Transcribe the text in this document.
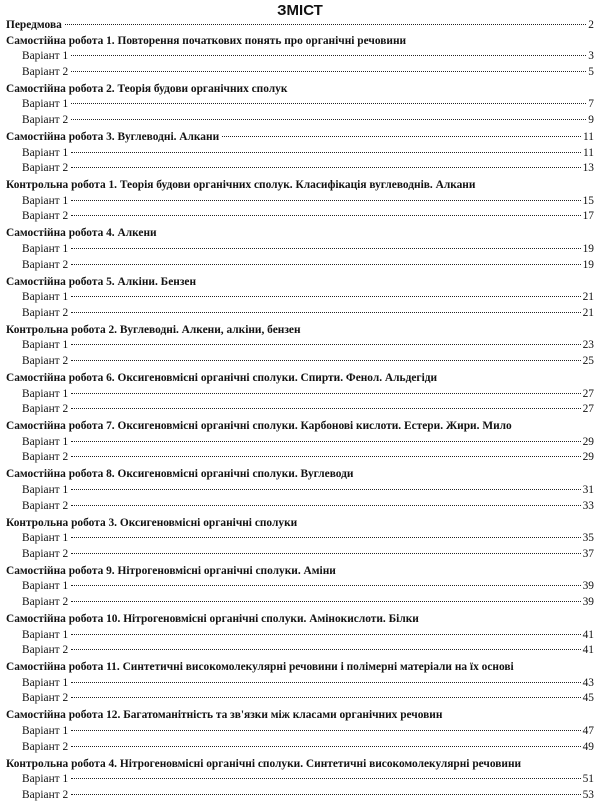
ЗМІСТ
Передмова	2
Самостійна робота 1. Повторення початкових понять про органічні речовини
Варіант 1	3
Варіант 2	5
Самостійна робота 2. Теорія будови органічних сполук
Варіант 1	7
Варіант 2	9
Самостійна робота 3. Вуглеводні. Алкани	11
Варіант 1	11
Варіант 2	13
Контрольна робота 1. Теорія будови органічних сполук. Класифікація вуглеводнів. Алкани
Варіант 1	15
Варіант 2	17
Самостійна робота 4. Алкени
Варіант 1	19
Варіант 2	19
Самостійна робота 5. Алкіни. Бензен
Варіант 1	21
Варіант 2	21
Контрольна робота 2. Вуглеводні. Алкени, алкіни, бензен
Варіант 1	23
Варіант 2	25
Самостійна робота 6. Оксигеновмісні органічні сполуки. Спирти. Фенол. Альдегіди
Варіант 1	27
Варіант 2	27
Самостійна робота 7. Оксигеновмісні органічні сполуки. Карбонові кислоти. Естери. Жири. Мило
Варіант 1	29
Варіант 2	29
Самостійна робота 8. Оксигеновмісні органічні сполуки. Вуглеводи
Варіант 1	31
Варіант 2	33
Контрольна робота 3. Оксигеновмісні органічні сполуки
Варіант 1	35
Варіант 2	37
Самостійна робота 9. Нітрогеновмісні органічні сполуки. Аміни
Варіант 1	39
Варіант 2	39
Самостійна робота 10. Нітрогеновмісні органічні сполуки. Амінокислоти. Білки
Варіант 1	41
Варіант 2	41
Самостійна робота 11. Синтетичні високомолекулярні речовини і полімерні матеріали на їх основі
Варіант 1	43
Варіант 2	45
Самостійна робота 12. Багатоманітність та зв'язки між класами органічних речовин
Варіант 1	47
Варіант 2	49
Контрольна робота 4. Нітрогеновмісні органічні сполуки. Синтетичні високомолекулярні речовини
Варіант 1	51
Варіант 2	53
